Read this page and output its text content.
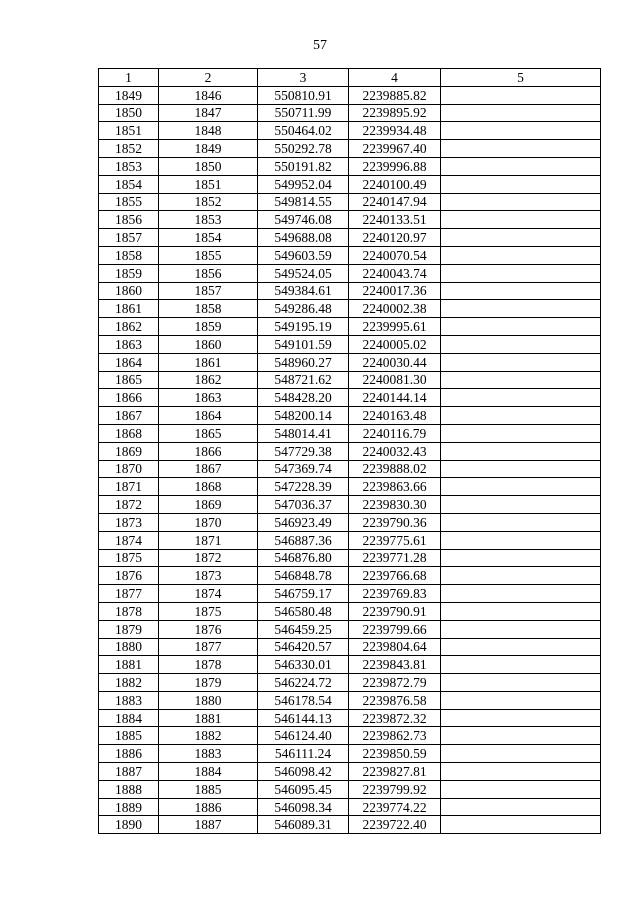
57
1	2	3	4	5
1849	1846	550810.91	2239885.82	
1850	1847	550711.99	2239895.92	
1851	1848	550464.02	2239934.48	
1852	1849	550292.78	2239967.40	
1853	1850	550191.82	2239996.88	
1854	1851	549952.04	2240100.49	
1855	1852	549814.55	2240147.94	
1856	1853	549746.08	2240133.51	
1857	1854	549688.08	2240120.97	
1858	1855	549603.59	2240070.54	
1859	1856	549524.05	2240043.74	
1860	1857	549384.61	2240017.36	
1861	1858	549286.48	2240002.38	
1862	1859	549195.19	2239995.61	
1863	1860	549101.59	2240005.02	
1864	1861	548960.27	2240030.44	
1865	1862	548721.62	2240081.30	
1866	1863	548428.20	2240144.14	
1867	1864	548200.14	2240163.48	
1868	1865	548014.41	2240116.79	
1869	1866	547729.38	2240032.43	
1870	1867	547369.74	2239888.02	
1871	1868	547228.39	2239863.66	
1872	1869	547036.37	2239830.30	
1873	1870	546923.49	2239790.36	
1874	1871	546887.36	2239775.61	
1875	1872	546876.80	2239771.28	
1876	1873	546848.78	2239766.68	
1877	1874	546759.17	2239769.83	
1878	1875	546580.48	2239790.91	
1879	1876	546459.25	2239799.66	
1880	1877	546420.57	2239804.64	
1881	1878	546330.01	2239843.81	
1882	1879	546224.72	2239872.79	
1883	1880	546178.54	2239876.58	
1884	1881	546144.13	2239872.32	
1885	1882	546124.40	2239862.73	
1886	1883	546111.24	2239850.59	
1887	1884	546098.42	2239827.81	
1888	1885	546095.45	2239799.92	
1889	1886	546098.34	2239774.22	
1890	1887	546089.31	2239722.40	
